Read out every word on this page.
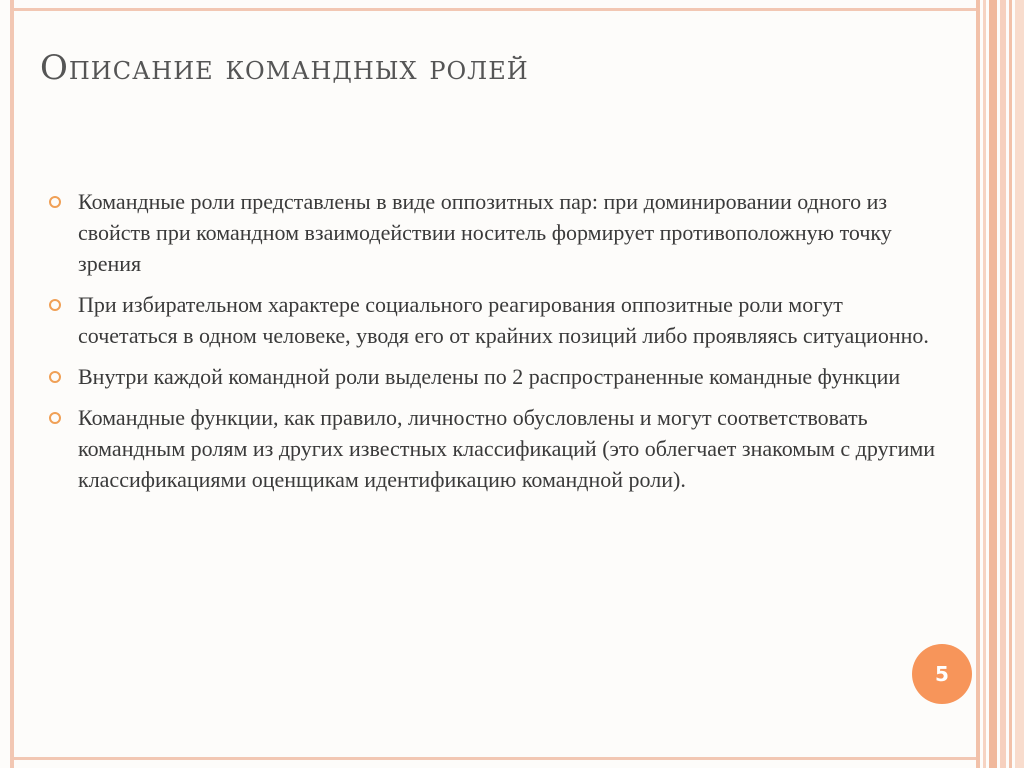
Описание командных ролей
Командные роли представлены в виде оппозитных пар: при доминировании одного из свойств при командном взаимодействии носитель формирует противоположную точку зрения
При избирательном характере социального реагирования оппозитные роли могут сочетаться в одном человеке, уводя его от крайних позиций либо проявляясь ситуационно.
Внутри каждой командной роли выделены по 2 распространенные командные функции
Командные функции, как правило, личностно обусловлены и могут соответствовать командным ролям из других известных классификаций (это облегчает знакомым с другими классификациями оценщикам идентификацию командной роли).
5
